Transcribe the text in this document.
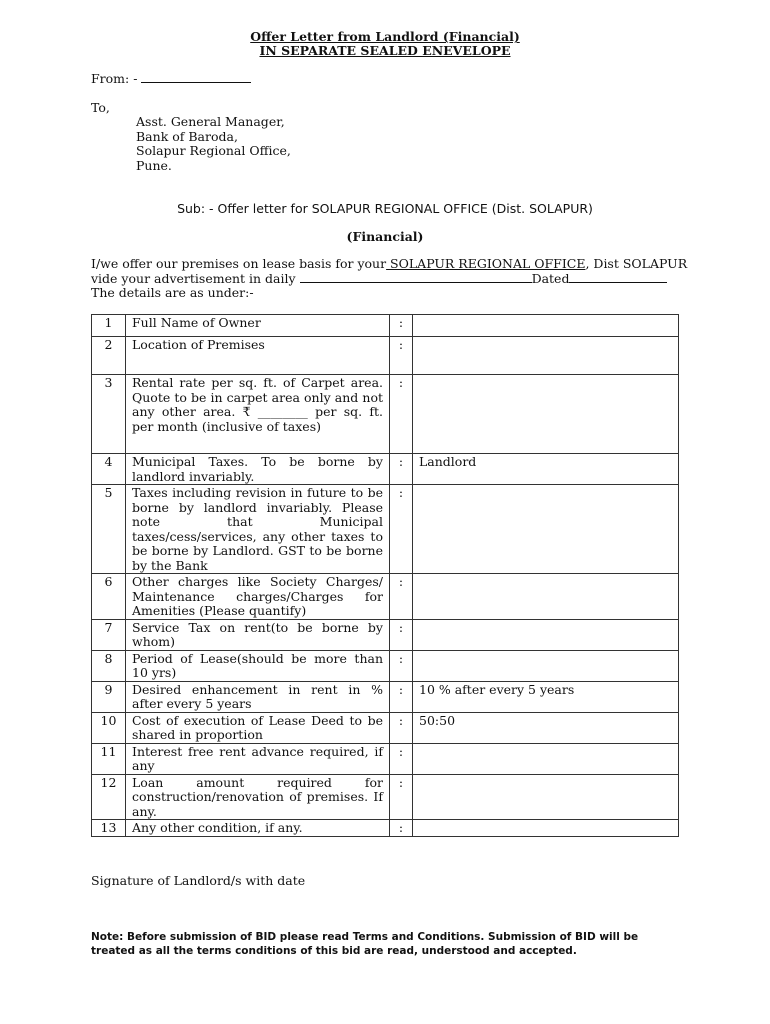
Offer Letter from Landlord (Financial)
IN SEPARATE SEALED ENEVELOPE
From: -
To,
Asst. General Manager,
Bank of Baroda,
Solapur Regional Office,
Pune.
Sub: - Offer letter for SOLAPUR REGIONAL OFFICE (Dist. SOLAPUR)
(Financial)
I/we offer our premises on lease basis for your SOLAPUR REGIONAL OFFICE, Dist SOLAPUR
vide your advertisement in daily	Dated
The details are as under:-
1	Full Name of Owner	:	
2	Location of Premises	:	
3	Rental rate per sq. ft. of Carpet area. Quote to be in carpet area only and not any other area. ₹ ________ per sq. ft. per month (inclusive of taxes)	:	
4	Municipal Taxes. To be borne by landlord invariably.	:	Landlord
5	Taxes including revision in future to be borne by landlord invariably. Please note that Municipal taxes/cess/services, any other taxes to be borne by Landlord. GST to be borne by the Bank	:	
6	Other charges like Society Charges/ Maintenance charges/Charges for Amenities (Please quantify)	:	
7	Service Tax on rent(to be borne by whom)	:	
8	Period of Lease(should be more than 10 yrs)	:	
9	Desired enhancement in rent in % after every 5 years	:	10 % after every 5 years
10	Cost of execution of Lease Deed to be shared in proportion	:	50:50
11	Interest free rent advance required, if any	:	
12	Loan amount required for construction/renovation of premises. If any.	:	
13	Any other condition, if any.	:	
Signature of Landlord/s with date
Note: Before submission of BID please read Terms and Conditions. Submission of BID will be treated as all the terms conditions of this bid are read, understood and accepted.
